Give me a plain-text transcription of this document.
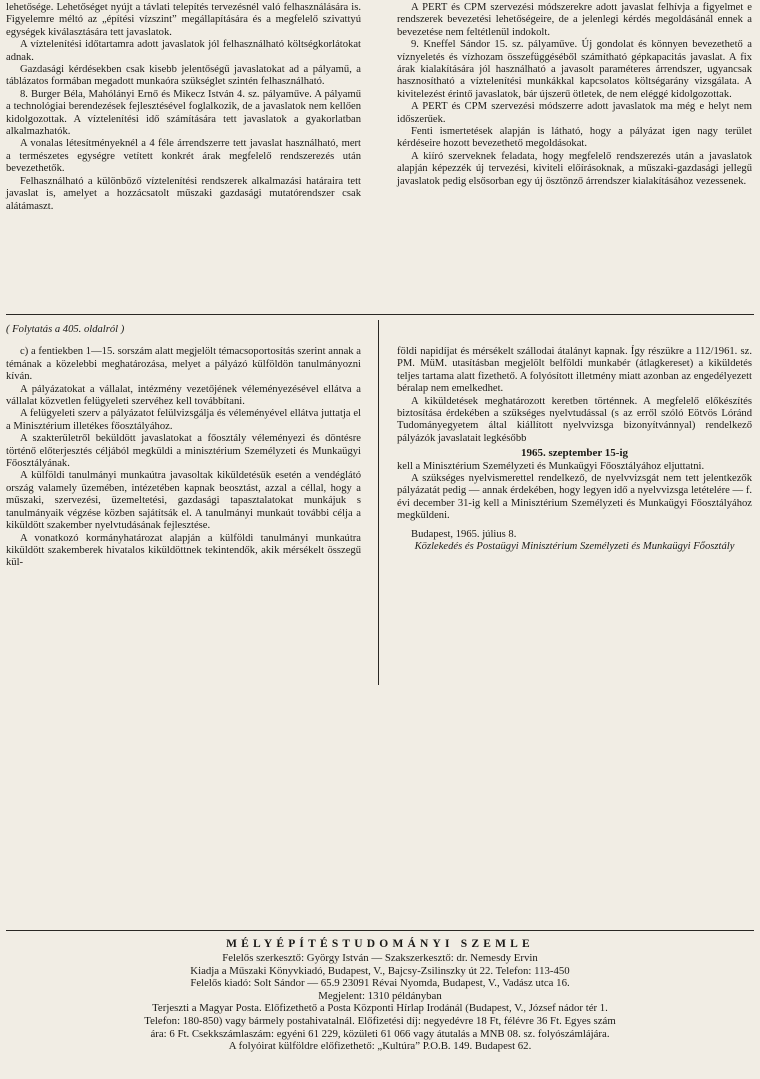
lehetősége. Lehetőséget nyújt a távlati telepítés tervezésnél való felhasználására is. Figyelemre méltó az „építési vízszint” megállapítására és a megfelelő szivattyú egységek kiválasztására tett javaslatok.

A víztelenítési időtartamra adott javaslatok jól felhasználható költségkorlátokat adnak.

Gazdasági kérdésekben csak kisebb jelentőségű javaslatokat ad a pályamű, a táblázatos formában megadott munkaóra szükséglet szintén felhasználható.

8. Burger Béla, Mahólányi Ernő és Mikecz István 4. sz. pályaműve. A pályamű a technológiai berendezések fejlesztésével foglalkozik, de a javaslatok nem kellően kidolgozottak. A víztelenítési idő számítására tett javaslatok a gyakorlatban alkalmazhatók.

A vonalas létesítményeknél a 4 féle árrendszerre tett javaslat használható, mert a természetes egységre vetített konkrét árak megfelelő rendszerezés után bevezethetők.

Felhasználható a különböző víztelenítési rendszerek alkalmazási határaira tett javaslat is, amelyet a hozzácsatolt műszaki gazdasági mutatórendszer csak alátámaszt.

A PERT és CPM szervezési módszerekre adott javaslat felhívja a figyelmet e rendszerek bevezetési lehetőségeire, de a jelenlegi kérdés megoldásánál ennek a bevezetése nem feltétlenül indokolt.

9. Kneffel Sándor 15. sz. pályaműve. Új gondolat és könnyen bevezethető a víznyeletés és vízhozam összefüggéséből számítható gépkapacitás javaslat. A fix árak kialakítására jól használható a javasolt paraméteres árrendszer, ugyancsak hasznosítható a víztelenítési munkákkal kapcsolatos költségarány vizsgálata. A kivitelezést érintő javaslatok, bár újszerű ötletek, de nem eléggé kidolgozottak.

A PERT és CPM szervezési módszerre adott javaslatok ma még e helyt nem időszerűek.

Fenti ismertetések alapján is látható, hogy a pályázat igen nagy terület kérdéseire hozott bevezethető megoldásokat.

A kiíró szerveknek feladata, hogy megfelelő rendszerezés után a javaslatok alapján képezzék új tervezési, kiviteli előírásoknak, a műszaki-gazdasági jellegű javaslatok pedig elsősorban egy új ösztönző árrendszer kialakításához vezessenek.

( Folytatás a 405. oldalról )

c) a fentiekben 1—15. sorszám alatt megjelölt témacsoportosítás szerint annak a témának a közelebbi meghatározása, melyet a pályázó külföldön tanulmányozni kíván.

A pályázatokat a vállalat, intézmény vezetőjének véleményezésével ellátva a vállalat közvetlen felügyeleti szervéhez kell továbbítani.

A felügyeleti szerv a pályázatot felülvizsgálja és véleményével ellátva juttatja el a Minisztérium illetékes főosztályához.

A szakterületről beküldött javaslatokat a főosztály véleményezi és döntésre történő előterjesztés céljából megküldi a minisztérium Személyzeti és Munkaügyi Főosztályának.

A külföldi tanulmányi munkaútra javasoltak kiküldetésük esetén a vendéglátó ország valamely üzemében, intézetében kapnak beosztást, azzal a céllal, hogy a műszaki, szervezési, üzemeltetési, gazdasági tapasztalatokat munkájuk s tanulmányaik végzése közben sajátítsák el. A tanulmányi munkaút további célja a kiküldött szakember nyelvtudásának fejlesztése.

A vonatkozó kormányhatározat alapján a külföldi tanulmányi munkaútra kiküldött szakemberek hivatalos kiküldöttnek tekintendők, akik mérsékelt összegű kül-

földi napidíjat és mérsékelt szállodai átalányt kapnak. Így részükre a 112/1961. sz. PM. MüM. utasításban megjelölt belföldi munkabér (átlagkereset) a kiküldetés teljes tartama alatt fizethető. A folyósított illetmény miatt azonban az engedélyezett béralap nem emelkedhet.

A kiküldetések meghatározott keretben történnek. A megfelelő előkészítés biztosítása érdekében a szükséges nyelvtudással (s az erről szóló Eötvös Lóránd Tudományegyetem által kiállított nyelvvizsga bizonyítvánnyal) rendelkező pályázók javaslatait legkésőbb

1965. szeptember 15-ig

kell a Minisztérium Személyzeti és Munkaügyi Főosztályához eljuttatni.

A szükséges nyelvismerettel rendelkező, de nyelvvizsgát nem tett jelentkezők pályázatát pedig — annak érdekében, hogy legyen idő a nyelvvizsga letételére — f. évi december 31-ig kell a Minisztérium Személyzeti és Munkaügyi Főosztályához megküldeni.

Budapest, 1965. július 8.

Közlekedés és Postaügyi Minisztérium Személyzeti és Munkaügyi Főosztály

MÉLYÉPÍTÉSTUDOMÁNYI SZEMLE
Felelős szerkesztő: György István — Szakszerkesztő: dr. Nemesdy Ervin
Kiadja a Műszaki Könyvkiadó, Budapest, V., Bajcsy-Zsilinszky út 22. Telefon: 113-450
Felelős kiadó: Solt Sándor — 65.9 23091 Révai Nyomda, Budapest, V., Vadász utca 16.
Megjelent: 1310 példányban
Terjeszti a Magyar Posta. Előfizethető a Posta Központi Hírlap Irodánál (Budapest, V., József nádor tér 1.
Telefon: 180-850) vagy bármely postahivatalnál. Előfizetési díj: negyedévre 18 Ft, félévre 36 Ft. Egyes szám
ára: 6 Ft. Csekkszámlaszám: egyéni 61 229, közületi 61 066 vagy átutalás a MNB 08. sz. folyószámlájára.
A folyóirat külföldre előfizethető: „Kultúra” P.O.B. 149. Budapest 62.
